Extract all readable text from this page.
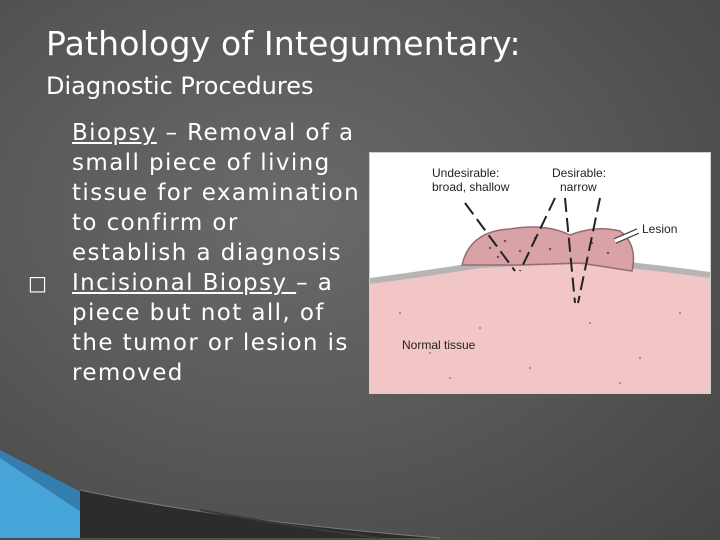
Pathology of Integumentary:
Diagnostic Procedures

Biopsy – Removal of a small piece of living tissue for examination to confirm or establish a diagnosis

□ Incisional Biopsy – a piece but not all, of the tumor or lesion is removed

Undesirable:
broad, shallow
Desirable:
narrow
Lesion
Normal tissue
